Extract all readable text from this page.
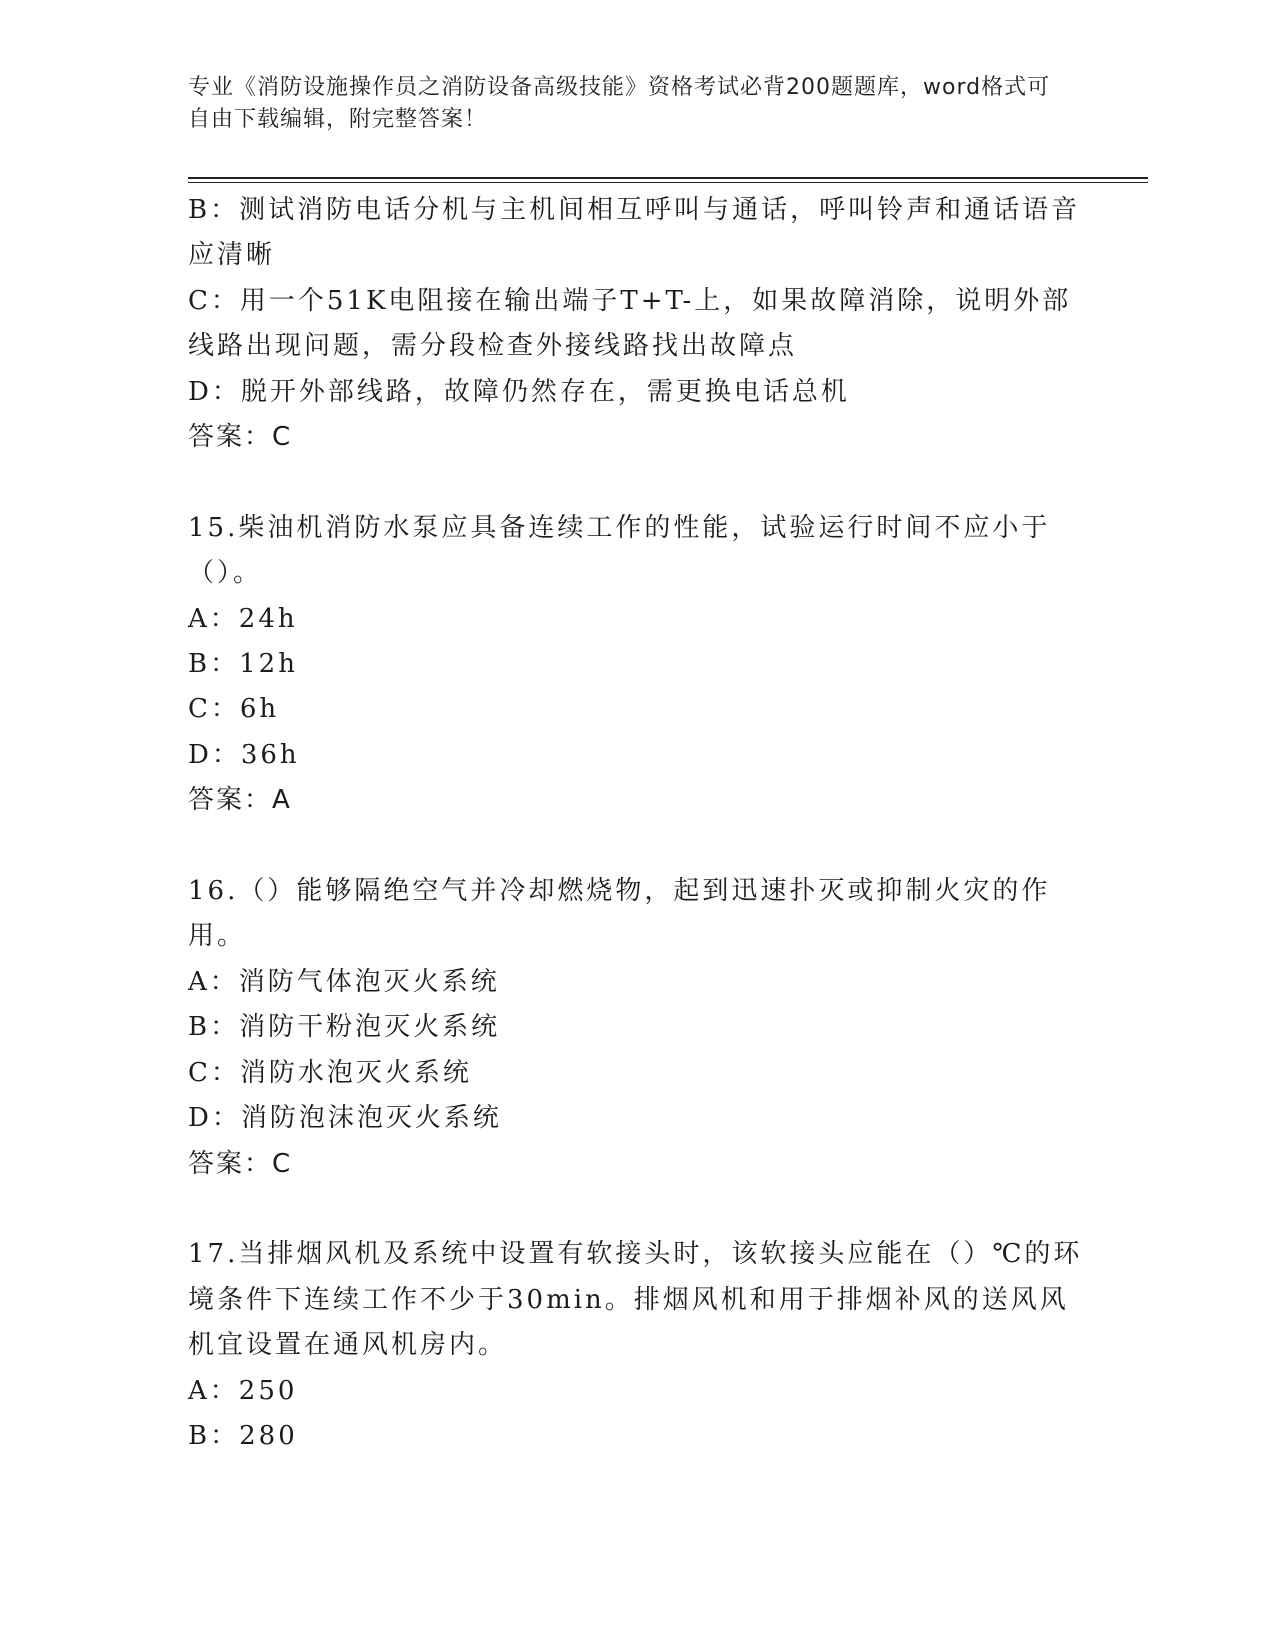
专业《消防设施操作员之消防设备高级技能》资格考试必背200题题库，word格式可自由下载编辑，附完整答案！

B：测试消防电话分机与主机间相互呼叫与通话，呼叫铃声和通话语音应清晰

C：用一个51K电阻接在输出端子T+T-上，如果故障消除，说明外部线路出现问题，需分段检查外接线路找出故障点

D：脱开外部线路，故障仍然存在，需更换电话总机

答案：C

15.柴油机消防水泵应具备连续工作的性能，试验运行时间不应小于（）。

A：24h

B：12h

C：6h

D：36h

答案：A

16.（）能够隔绝空气并冷却燃烧物，起到迅速扑灭或抑制火灾的作用。

A：消防气体泡灭火系统

B：消防干粉泡灭火系统

C：消防水泡灭火系统

D：消防泡沫泡灭火系统

答案：C

17.当排烟风机及系统中设置有软接头时，该软接头应能在（）℃的环境条件下连续工作不少于30min。排烟风机和用于排烟补风的送风风机宜设置在通风机房内。

A：250

B：280
